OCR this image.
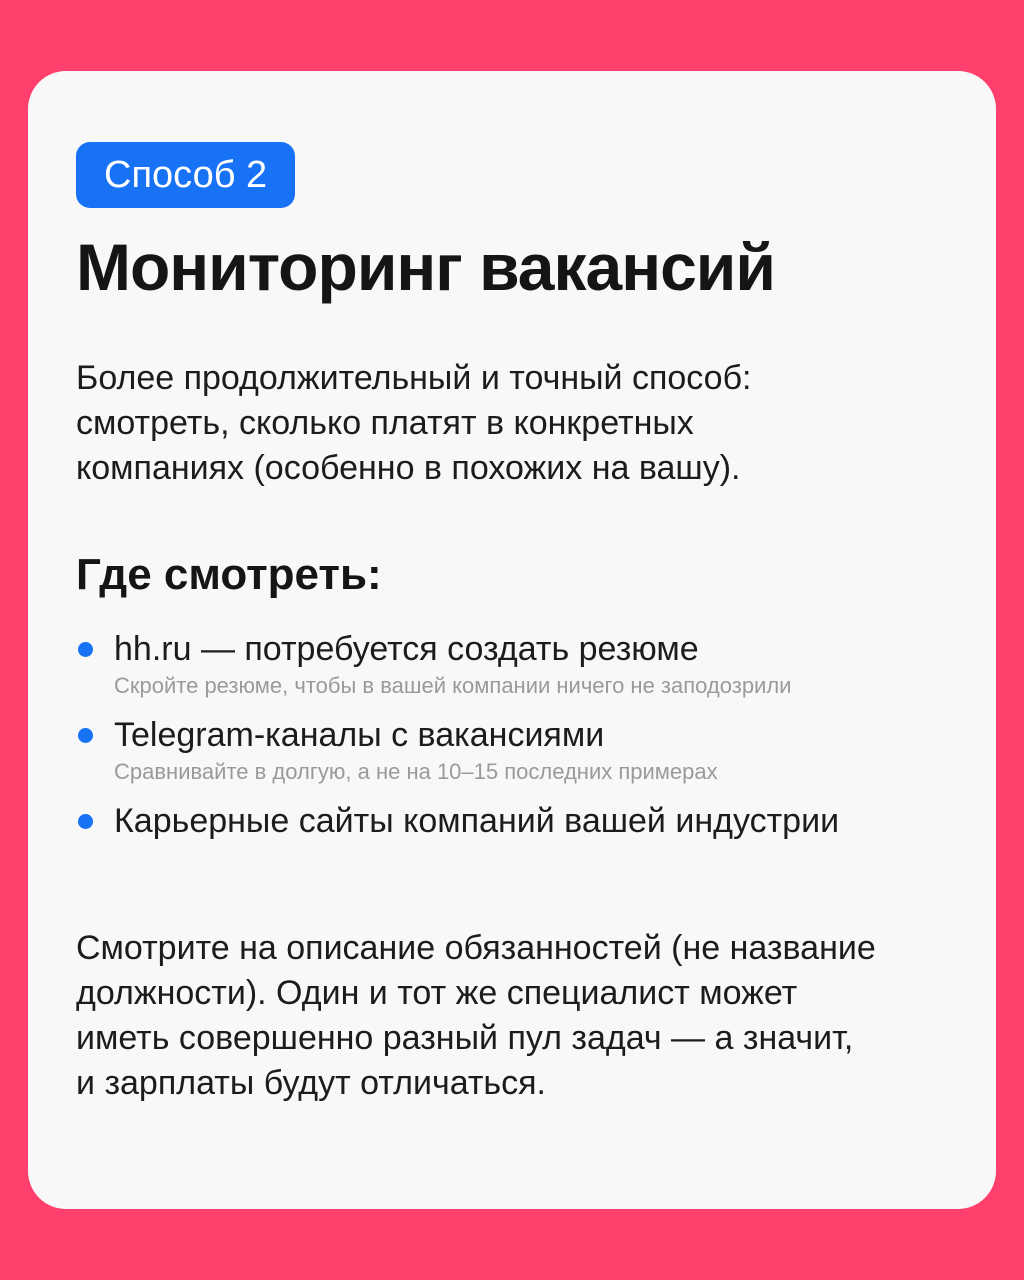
Способ 2
Мониторинг вакансий

Более продолжительный и точный способ:
смотреть, сколько платят в конкретных
компаниях (особенно в похожих на вашу).

Где смотреть:
hh.ru — потребуется создать резюме
Скройте резюме, чтобы в вашей компании ничего не заподозрили
Telegram-каналы с вакансиями
Сравнивайте в долгую, а не на 10–15 последних примерах
Карьерные сайты компаний вашей индустрии

Смотрите на описание обязанностей (не название
должности). Один и тот же специалист может
иметь совершенно разный пул задач — а значит,
и зарплаты будут отличаться.
